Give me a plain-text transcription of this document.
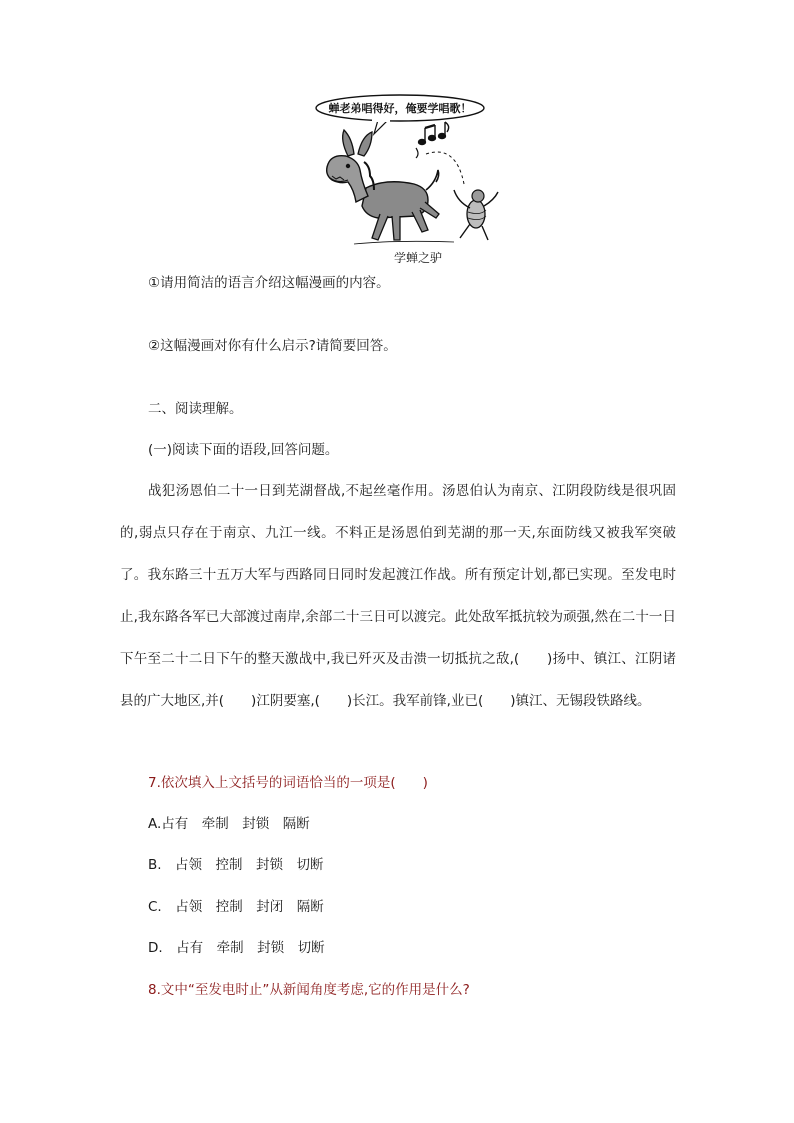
蝉老弟唱得好，俺要学唱歌！
学蝉之驴
①请用简洁的语言介绍这幅漫画的内容。
②这幅漫画对你有什么启示?请简要回答。
二、阅读理解。
(一)阅读下面的语段,回答问题。
战犯汤恩伯二十一日到芜湖督战,不起丝毫作用。汤恩伯认为南京、江阴段防线是很巩固的,弱点只存在于南京、九江一线。不料正是汤恩伯到芜湖的那一天,东面防线又被我军突破了。我东路三十五万大军与西路同日同时发起渡江作战。所有预定计划,都已实现。至发电时止,我东路各军已大部渡过南岸,余部二十三日可以渡完。此处敌军抵抗较为顽强,然在二十一日下午至二十二日下午的整天激战中,我已歼灭及击溃一切抵抗之敌,(　　)扬中、镇江、江阴诸县的广大地区,并(　　)江阴要塞,(　　)长江。我军前锋,业已(　　)镇江、无锡段铁路线。
7.依次填入上文括号的词语恰当的一项是(　　)
A.占有　牵制　封锁　隔断
B.　占领　控制　封锁　切断
C.　占领　控制　封闭　隔断
D.　占有　牵制　封锁　切断
8.文中“至发电时止”从新闻角度考虑,它的作用是什么?
